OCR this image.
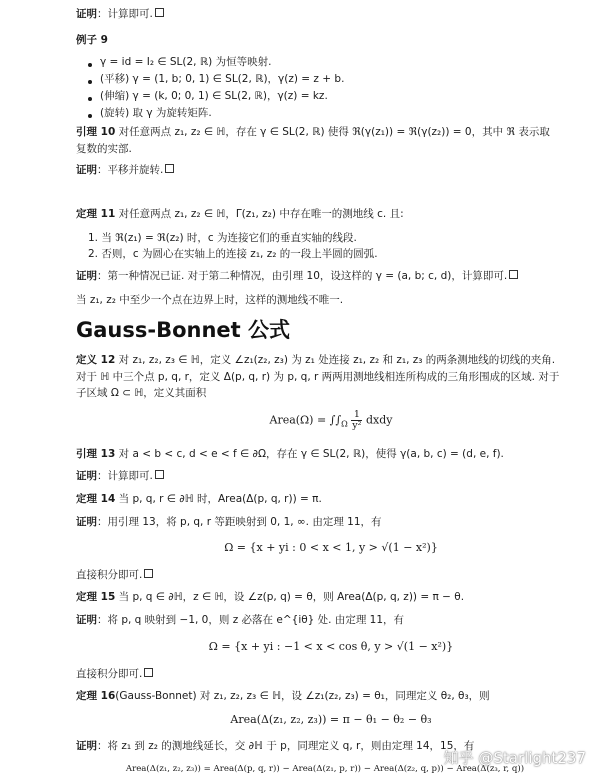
证明：计算即可.
例子 9
γ = id = I₂ ∈ SL(2, ℝ) 为恒等映射.
(平移) γ = (1, b; 0, 1) ∈ SL(2, ℝ)，γ(z) = z + b.
(伸缩) γ = (k, 0; 0, 1) ∈ SL(2, ℝ)，γ(z) = kz.
(旋转) 取 γ 为旋转矩阵.
引理 10 对任意两点 z₁, z₂ ∈ ℍ，存在 γ ∈ SL(2, ℝ) 使得 ℜ(γ(z₁)) = ℜ(γ(z₂)) = 0，其中 ℜ 表示取
复数的实部.
证明：平移并旋转.
定理 11 对任意两点 z₁, z₂ ∈ ℍ，Γ(z₁, z₂) 中存在唯一的测地线 c. 且:
1. 当 ℜ(z₁) = ℜ(z₂) 时，c 为连接它们的垂直实轴的线段.
2. 否则，c 为圆心在实轴上的连接 z₁, z₂ 的一段上半圆的圆弧.
证明：第一种情况已证. 对于第二种情况，由引理 10，设这样的 γ = (a, b; c, d)，计算即可.
当 z₁, z₂ 中至少一个点在边界上时，这样的测地线不唯一.
Gauss-Bonnet 公式
定义 12 对 z₁, z₂, z₃ ∈ ℍ，定义 ∠z₁(z₂, z₃) 为 z₁ 处连接 z₁, z₂ 和 z₁, z₃ 的两条测地线的切线的夹角.
对于 ℍ 中三个点 p, q, r，定义 Δ(p, q, r) 为 p, q, r 两两用测地线相连所构成的三角形围成的区域. 对于
子区域 Ω ⊂ ℍ，定义其面积
Area(Ω) = $\int\int_\Omega \frac{1}{\text{y²}}$ dxdy
引理 13 对 a < b < c, d < e < f ∈ ∂Ω，存在 γ ∈ SL(2, ℝ)，使得 γ(a, b, c) = (d, e, f).
证明：计算即可.
定理 14 当 p, q, r ∈ ∂ℍ 时，Area(Δ(p, q, r)) = π.
证明：用引理 13，将 p, q, r 等距映射到 0, 1, ∞. 由定理 11，有
Ω = {x + yi : 0 < x < 1, y > √(1 − x²)}
直接积分即可.
定理 15 当 p, q ∈ ∂ℍ，z ∈ ℍ，设 ∠z(p, q) = θ，则 Area(Δ(p, q, z)) = π − θ.
证明：将 p, q 映射到 −1, 0，则 z 必落在 e^{iθ} 处. 由定理 11，有
Ω = {x + yi : −1 < x < cos θ, y > √(1 − x²)}
直接积分即可.
定理 16(Gauss-Bonnet) 对 z₁, z₂, z₃ ∈ ℍ，设 ∠z₁(z₂, z₃) = θ₁，同理定义 θ₂, θ₃，则
Area(Δ(z₁, z₂, z₃)) = π − θ₁ − θ₂ − θ₃
证明：将 z₁ 到 z₂ 的测地线延长，交 ∂ℍ 于 p，同理定义 q, r，则由定理 14，15，有
Area(Δ(z₁, z₂, z₃)) = Area(Δ(p, q, r)) − Area(Δ(z₁, p, r)) − Area(Δ(z₂, q, p)) − Area(Δ(z₃, r, q))
知乎 @Starlight237
